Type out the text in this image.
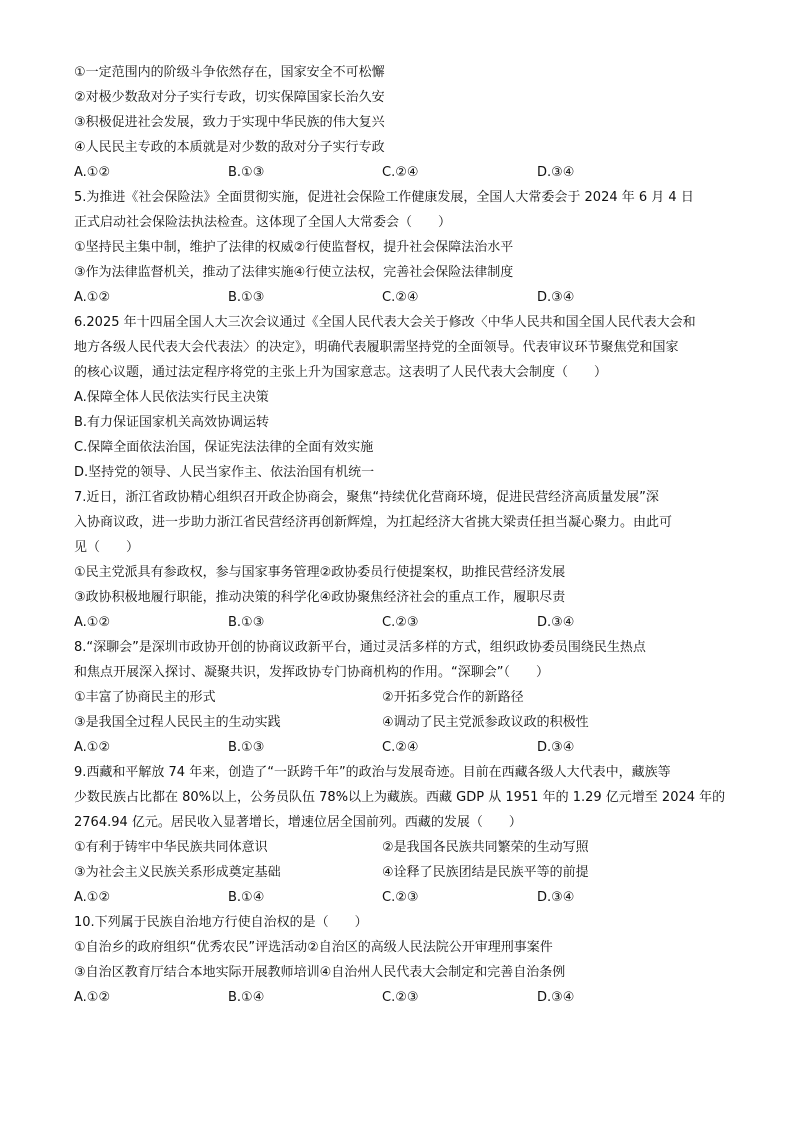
①一定范围内的阶级斗争依然存在，国家安全不可松懈
②对极少数敌对分子实行专政，切实保障国家长治久安
③积极促进社会发展，致力于实现中华民族的伟大复兴
④人民民主专政的本质就是对少数的敌对分子实行专政
A.①②	B.①③	C.②④	D.③④
5.为推进《社会保险法》全面贯彻实施，促进社会保险工作健康发展，全国人大常委会于 2024 年 6 月 4 日
正式启动社会保险法执法检查。这体现了全国人大常委会（　　）
①坚持民主集中制，维护了法律的权威②行使监督权，提升社会保障法治水平
③作为法律监督机关，推动了法律实施④行使立法权，完善社会保险法律制度
A.①②	B.①③	C.②④	D.③④
6.2025 年十四届全国人大三次会议通过《全国人民代表大会关于修改〈中华人民共和国全国人民代表大会和
地方各级人民代表大会代表法〉的决定》，明确代表履职需坚持党的全面领导。代表审议环节聚焦党和国家
的核心议题，通过法定程序将党的主张上升为国家意志。这表明了人民代表大会制度（　　）
A.保障全体人民依法实行民主决策
B.有力保证国家机关高效协调运转
C.保障全面依法治国，保证宪法法律的全面有效实施
D.坚持党的领导、人民当家作主、依法治国有机统一
7.近日，浙江省政协精心组织召开政企协商会，聚焦“持续优化营商环境，促进民营经济高质量发展”深
入协商议政，进一步助力浙江省民营经济再创新辉煌，为扛起经济大省挑大梁责任担当凝心聚力。由此可
见（　　）
①民主党派具有参政权，参与国家事务管理②政协委员行使提案权，助推民营经济发展
③政协积极地履行职能，推动决策的科学化④政协聚焦经济社会的重点工作，履职尽责
A.①②	B.①③	C.②③	D.③④
8.“深聊会”是深圳市政协开创的协商议政新平台，通过灵活多样的方式，组织政协委员围绕民生热点
和焦点开展深入探讨、凝聚共识，发挥政协专门协商机构的作用。“深聊会”（　　）
①丰富了协商民主的形式	②开拓多党合作的新路径
③是我国全过程人民民主的生动实践	④调动了民主党派参政议政的积极性
A.①②	B.①③	C.②④	D.③④
9.西藏和平解放 74 年来，创造了“一跃跨千年”的政治与发展奇迹。目前在西藏各级人大代表中，藏族等
少数民族占比都在 80%以上，公务员队伍 78%以上为藏族。西藏 GDP 从 1951 年的 1.29 亿元增至 2024 年的
2764.94 亿元。居民收入显著增长，增速位居全国前列。西藏的发展（　　）
①有利于铸牢中华民族共同体意识	②是我国各民族共同繁荣的生动写照
③为社会主义民族关系形成奠定基础	④诠释了民族团结是民族平等的前提
A.①②	B.①④	C.②③	D.③④
10.下列属于民族自治地方行使自治权的是（　　）
①自治乡的政府组织“优秀农民”评选活动②自治区的高级人民法院公开审理刑事案件
③自治区教育厅结合本地实际开展教师培训④自治州人民代表大会制定和完善自治条例
A.①②	B.①④	C.②③	D.③④
